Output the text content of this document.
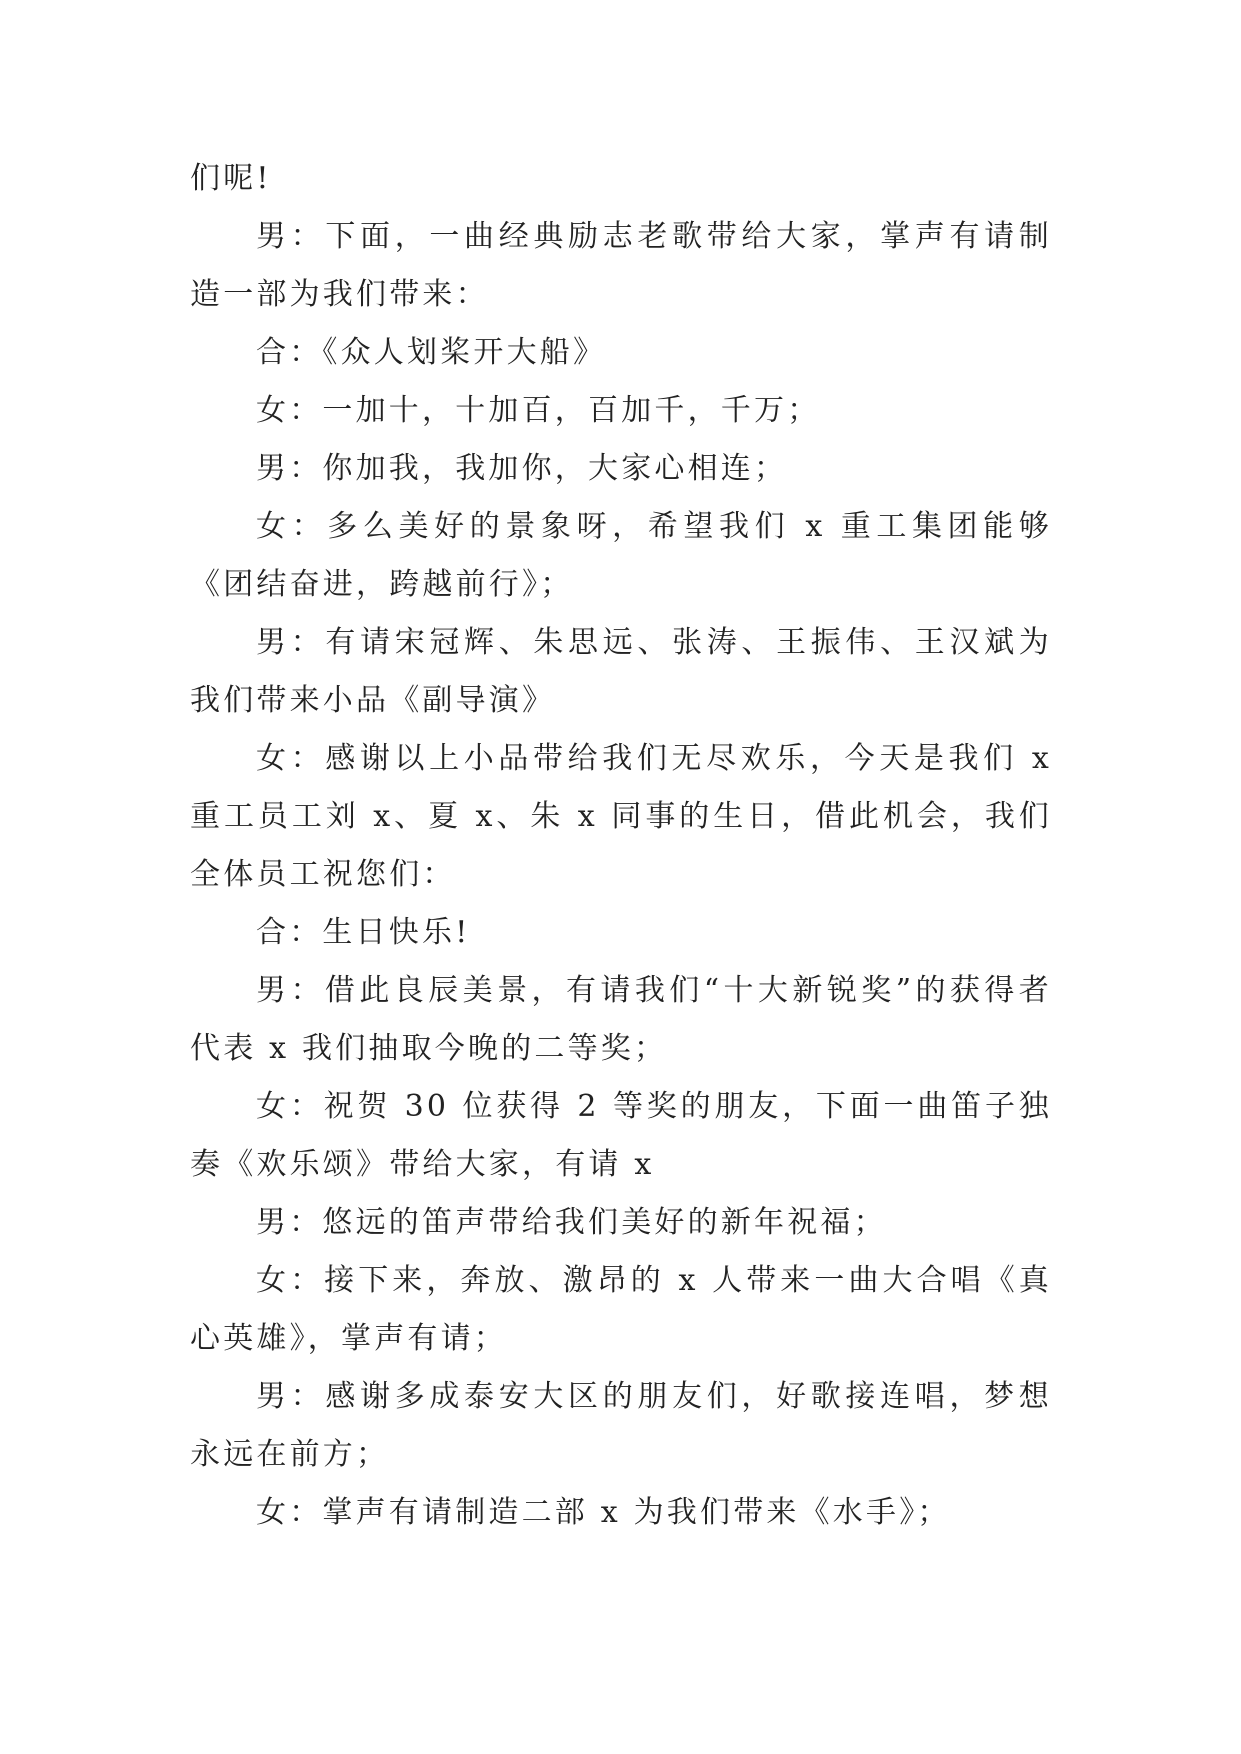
们呢!

男：下面，一曲经典励志老歌带给大家，掌声有请制造一部为我们带来：

合：《众人划桨开大船》

女：一加十，十加百，百加千，千万；

男：你加我，我加你，大家心相连；

女：多么美好的景象呀，希望我们 x 重工集团能够《团结奋进，跨越前行》；

男：有请宋冠辉、朱思远、张涛、王振伟、王汉斌为我们带来小品《副导演》

女：感谢以上小品带给我们无尽欢乐，今天是我们 x 重工员工刘 x、夏 x、朱 x 同事的生日，借此机会，我们全体员工祝您们：

合：生日快乐!

男：借此良辰美景，有请我们“十大新锐奖”的获得者代表 x 我们抽取今晚的二等奖；

女：祝贺 30 位获得 2 等奖的朋友，下面一曲笛子独奏《欢乐颂》带给大家，有请 x

男：悠远的笛声带给我们美好的新年祝福；

女：接下来，奔放、激昂的 x 人带来一曲大合唱《真心英雄》，掌声有请；

男：感谢多成泰安大区的朋友们，好歌接连唱，梦想永远在前方；

女：掌声有请制造二部 x 为我们带来《水手》；
